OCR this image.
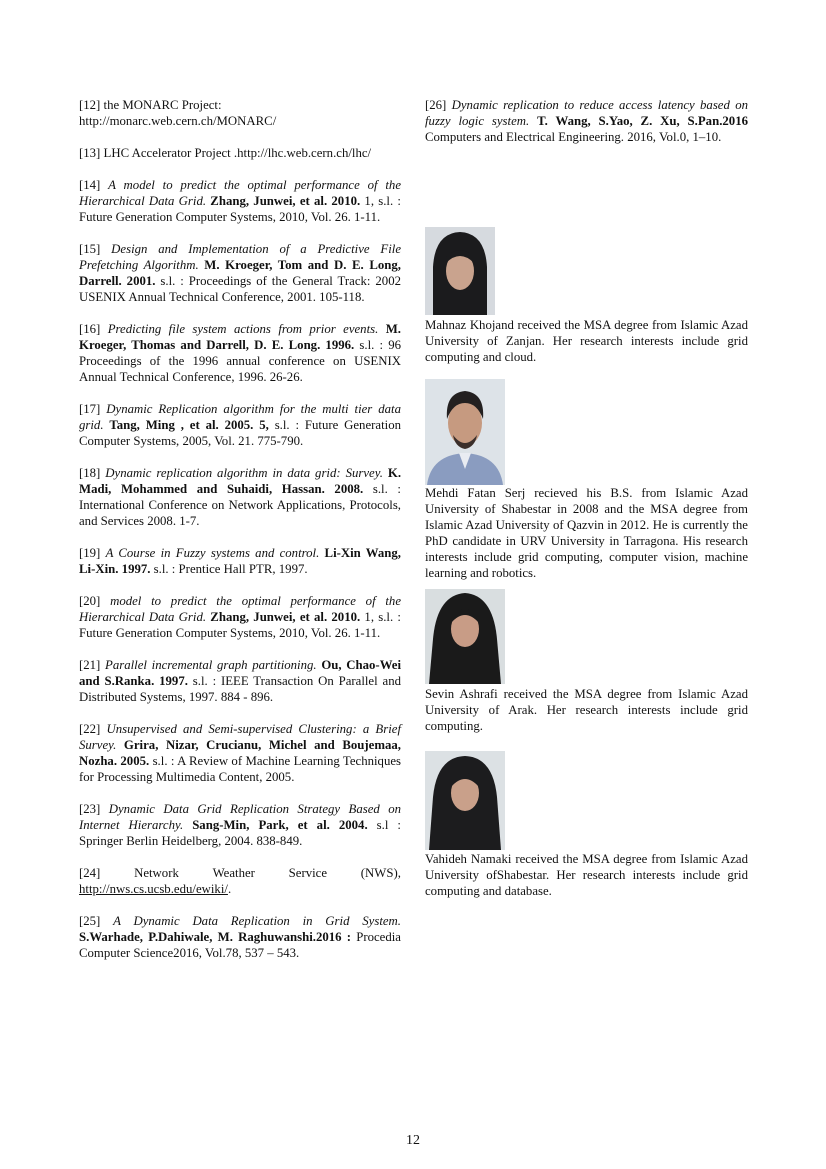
[12] the MONARC Project:
http://monarc.web.cern.ch/MONARC/

[13] LHC Accelerator Project .http://lhc.web.cern.ch/lhc/

[14] A model to predict the optimal performance of the Hierarchical Data Grid. Zhang, Junwei, et al. 2010. 1, s.l. : Future Generation Computer Systems, 2010, Vol. 26. 1-11.

[15] Design and Implementation of a Predictive File Prefetching Algorithm. M. Kroeger, Tom and D. E. Long, Darrell. 2001. s.l. : Proceedings of the General Track: 2002 USENIX Annual Technical Conference, 2001. 105-118.

[16] Predicting file system actions from prior events. M. Kroeger, Thomas and Darrell, D. E. Long. 1996. s.l. : 96 Proceedings of the 1996 annual conference on USENIX Annual Technical Conference, 1996. 26-26.

[17] Dynamic Replication algorithm for the multi tier data grid. Tang, Ming , et al. 2005. 5, s.l. : Future Generation Computer Systems, 2005, Vol. 21. 775-790.

[18] Dynamic replication algorithm in data grid: Survey. K. Madi, Mohammed and Suhaidi, Hassan. 2008. s.l. : International Conference on Network Applications, Protocols, and Services 2008. 1-7.

[19] A Course in Fuzzy systems and control. Li-Xin Wang, Li-Xin. 1997. s.l. : Prentice Hall PTR, 1997.

[20] model to predict the optimal performance of the Hierarchical Data Grid. Zhang, Junwei, et al. 2010. 1, s.l. : Future Generation Computer Systems, 2010, Vol. 26. 1-11.

[21] Parallel incremental graph partitioning. Ou, Chao-Wei and S.Ranka. 1997. s.l. : IEEE Transaction On Parallel and Distributed Systems, 1997. 884 - 896.

[22] Unsupervised and Semi-supervised Clustering: a Brief Survey. Grira, Nizar, Crucianu, Michel and Boujemaa, Nozha. 2005. s.l. : A Review of Machine Learning Techniques for Processing Multimedia Content, 2005.

[23] Dynamic Data Grid Replication Strategy Based on Internet Hierarchy. Sang-Min, Park, et al. 2004. s.l : Springer Berlin Heidelberg, 2004. 838-849.

[24]	Network	Weather	Service	(NWS),
http://nws.cs.ucsb.edu/ewiki/.

[25] A Dynamic Data Replication in Grid System. S.Warhade, P.Dahiwale, M. Raghuwanshi.2016 : Procedia Computer Science2016, Vol.78, 537 – 543.

[26] Dynamic replication to reduce access latency based on fuzzy logic system. T. Wang, S.Yao, Z. Xu, S.Pan.2016 Computers and Electrical Engineering. 2016, Vol.0, 1–10.

Mahnaz Khojand received the MSA degree from Islamic Azad University of Zanjan. Her research interests include grid computing and cloud.

Mehdi Fatan Serj recieved his B.S. from Islamic Azad University of Shabestar in 2008 and the MSA degree from Islamic Azad University of Qazvin in 2012. He is currently the PhD candidate in URV University in Tarragona. His research interests include grid computing, computer vision, machine learning and robotics.

Sevin Ashrafi received the MSA degree from Islamic Azad University of Arak. Her research interests include grid computing.

Vahideh Namaki received the MSA degree from Islamic Azad University ofShabestar. Her research interests include grid computing and database.

12
